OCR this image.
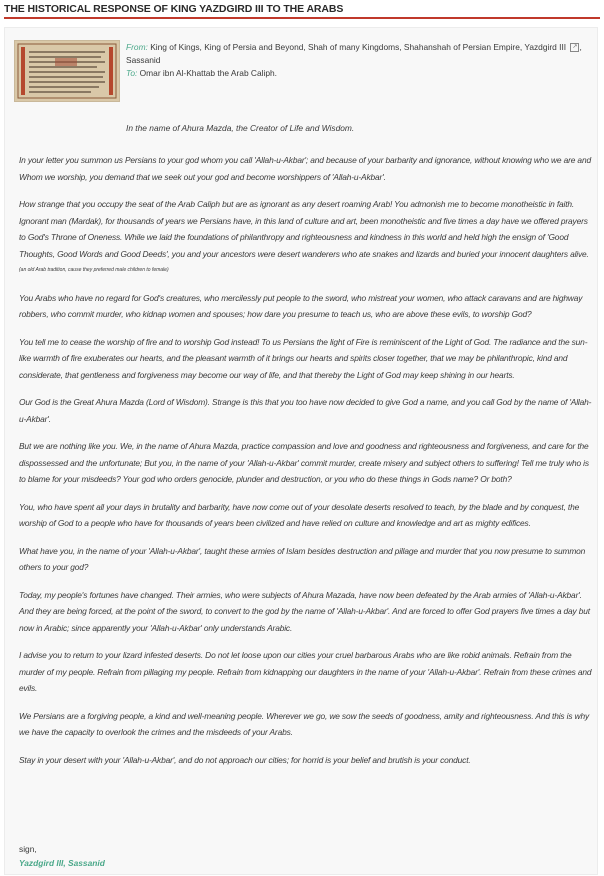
THE HISTORICAL RESPONSE OF KING YAZDGIRD III TO THE ARABS
From: King of Kings, King of Persia and Beyond, Shah of many Kingdoms, Shahanshah of Persian Empire, Yazdgird III ↗ ,
Sassanid
To: Omar ibn Al-Khattab the Arab Caliph.
In the name of Ahura Mazda, the Creator of Life and Wisdom.

In your letter you summon us Persians to your god whom you call 'Allah-u-Akbar'; and because of your barbarity and ignorance, without knowing who we are and Whom we worship, you demand that we seek out your god and become worshippers of 'Allah-u-Akbar'.

How strange that you occupy the seat of the Arab Caliph but are as ignorant as any desert roaming Arab! You admonish me to become monotheistic in faith. Ignorant man (Mardak), for thousands of years we Persians have, in this land of culture and art, been monotheistic and five times a day have we offered prayers to God's Throne of Oneness. While we laid the foundations of philanthropy and righteousness and kindness in this world and held high the ensign of 'Good Thoughts, Good Words and Good Deeds', you and your ancestors were desert wanderers who ate snakes and lizards and buried your innocent daughters alive. $^{(an old Arab tradition, cause they preferred male children to female)}$

You Arabs who have no regard for God's creatures, who mercilessly put people to the sword, who mistreat your women, who attack caravans and are highway robbers, who commit murder, who kidnap women and spouses; how dare you presume to teach us, who are above these evils, to worship God?

You tell me to cease the worship of fire and to worship God instead! To us Persians the light of Fire is reminiscent of the Light of God. The radiance and the sun-like warmth of fire exuberates our hearts, and the pleasant warmth of it brings our hearts and spirits closer together, that we may be philanthropic, kind and considerate, that gentleness and forgiveness may become our way of life, and that thereby the Light of God may keep shining in our hearts.

Our God is the Great Ahura Mazda (Lord of Wisdom). Strange is this that you too have now decided to give God a name, and you call God by the name of 'Allah-u-Akbar'.

But we are nothing like you. We, in the name of Ahura Mazda, practice compassion and love and goodness and righteousness and forgiveness, and care for the dispossessed and the unfortunate; But you, in the name of your 'Allah-u-Akbar' commit murder, create misery and subject others to suffering! Tell me truly who is to blame for your misdeeds? Your god who orders genocide, plunder and destruction, or you who do these things in Gods name? Or both?

You, who have spent all your days in brutality and barbarity, have now come out of your desolate deserts resolved to teach, by the blade and by conquest, the worship of God to a people who have for thousands of years been civilized and have relied on culture and knowledge and art as mighty edifices.

What have you, in the name of your 'Allah-u-Akbar', taught these armies of Islam besides destruction and pillage and murder that you now presume to summon others to your god?

Today, my people's fortunes have changed. Their armies, who were subjects of Ahura Mazada, have now been defeated by the Arab armies of 'Allah-u-Akbar'. And they are being forced, at the point of the sword, to convert to the god by the name of 'Allah-u-Akbar'. And are forced to offer God prayers five times a day but now in Arabic; since apparently your 'Allah-u-Akbar' only understands Arabic.

I advise you to return to your lizard infested deserts. Do not let loose upon our cities your cruel barbarous Arabs who are like robid animals. Refrain from the murder of my people. Refrain from pillaging my people. Refrain from kidnapping our daughters in the name of your 'Allah-u-Akbar'. Refrain from these crimes and evils.

We Persians are a forgiving people, a kind and well-meaning people. Wherever we go, we sow the seeds of goodness, amity and righteousness. And this is why we have the capacity to overlook the crimes and the misdeeds of your Arabs.

Stay in your desert with your 'Allah-u-Akbar', and do not approach our cities; for horrid is your belief and brutish is your conduct.

sign,
Yazdgird III, Sassanid
